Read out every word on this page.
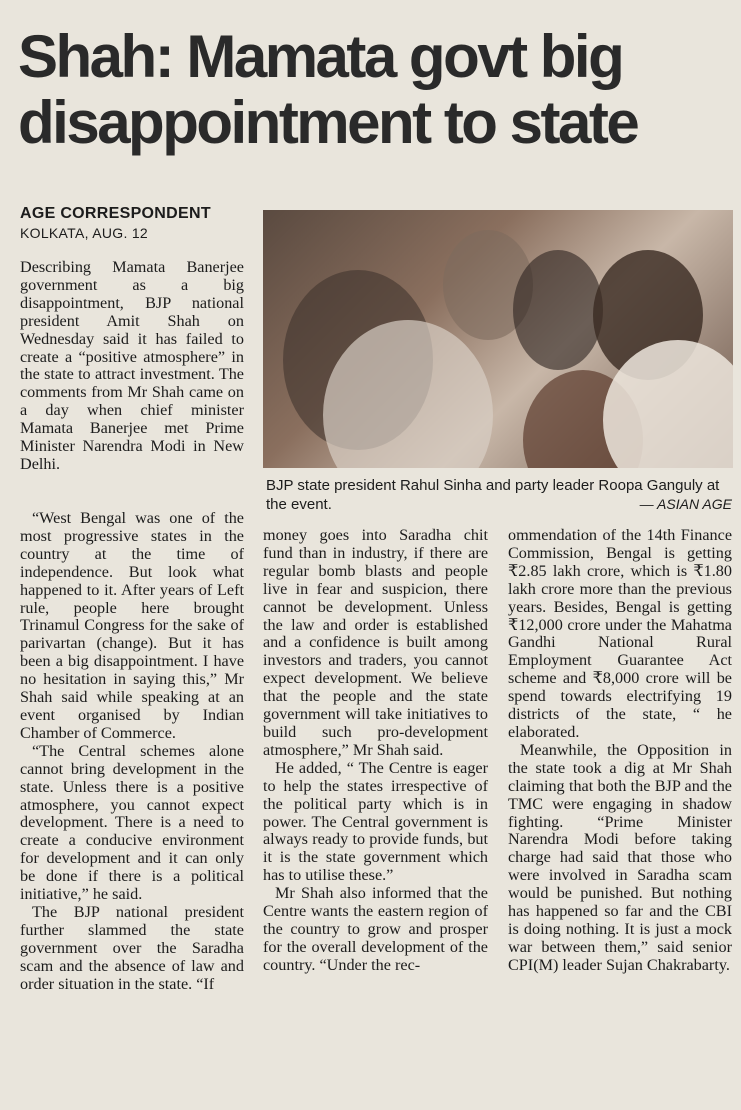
Shah: Mamata govt big disappointment to state
AGE CORRESPONDENT
KOLKATA, AUG. 12
BJP state president Rahul Sinha and party leader Roopa Ganguly at the event.	— ASIAN AGE

Describing Mamata Banerjee government as a big disappointment, BJP national president Amit Shah on Wednesday said it has failed to create a “positive atmosphere” in the state to attract investment. The comments from Mr Shah came on a day when chief minister Mamata Banerjee met Prime Minister Narendra Modi in New Delhi.

“West Bengal was one of the most progressive states in the country at the time of independence. But look what happened to it. After years of Left rule, people here brought Trinamul Congress for the sake of parivartan (change). But it has been a big disappointment. I have no hesitation in saying this,” Mr Shah said while speaking at an event organised by Indian Chamber of Commerce.

“The Central schemes alone cannot bring development in the state. Unless there is a positive atmosphere, you cannot expect development. There is a need to create a conducive environment for development and it can only be done if there is a political initiative,” he said.

The BJP national president further slammed the state government over the Saradha scam and the absence of law and order situation in the state. “If

money goes into Saradha chit fund than in industry, if there are regular bomb blasts and people live in fear and suspicion, there cannot be development. Unless the law and order is established and a confidence is built among investors and traders, you cannot expect development. We believe that the people and the state government will take initiatives to build such pro-development atmosphere,” Mr Shah said.

He added, “ The Centre is eager to help the states irrespective of the political party which is in power. The Central government is always ready to provide funds, but it is the state government which has to utilise these.”

Mr Shah also informed that the Centre wants the eastern region of the country to grow and prosper for the overall development of the country. “Under the rec-

ommendation of the 14th Finance Commission, Bengal is getting ₹2.85 lakh crore, which is ₹1.80 lakh crore more than the previous years. Besides, Bengal is getting ₹12,000 crore under the Mahatma Gandhi National Rural Employment Guarantee Act scheme and ₹8,000 crore will be spend towards electrifying 19 districts of the state, “ he elaborated.

Meanwhile, the Opposition in the state took a dig at Mr Shah claiming that both the BJP and the TMC were engaging in shadow fighting. “Prime Minister Narendra Modi before taking charge had said that those who were involved in Saradha scam would be punished. But nothing has happened so far and the CBI is doing nothing. It is just a mock war between them,” said senior CPI(M) leader Sujan Chakrabarty.
